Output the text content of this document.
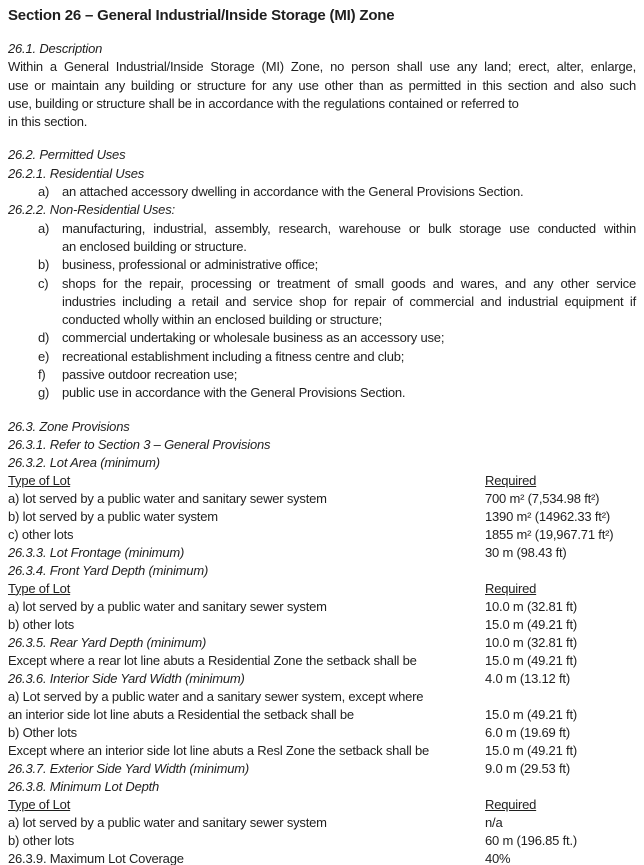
Section 26 – General Industrial/Inside Storage (MI) Zone
26.1. Description
Within a General Industrial/Inside Storage (MI) Zone, no person shall use any land; erect, alter, enlarge,
use or maintain any building or structure for any use other than as permitted in this section and also such
use, building or structure shall be in accordance with the regulations contained or referred to
in this section.
26.2. Permitted Uses
26.2.1. Residential Uses
a) an attached accessory dwelling in accordance with the General Provisions Section.
26.2.2. Non-Residential Uses:
a) manufacturing, industrial, assembly, research, warehouse or bulk storage use conducted within
an enclosed building or structure.
b) business, professional or administrative office;
c)	shops for the repair, processing or treatment of small goods and wares, and any other service
industries including a retail and service shop for repair of commercial and industrial equipment if
conducted wholly within an enclosed building or structure;
d) commercial undertaking or wholesale business as an accessory use;
e) recreational establishment including a fitness centre and club;
f)	passive outdoor recreation use;
g) public use in accordance with the General Provisions Section.
26.3. Zone Provisions
26.3.1. Refer to Section 3 – General Provisions
26.3.2. Lot Area (minimum)
Type of Lot	Required
a) lot served by a public water and sanitary sewer system	700 m² (7,534.98 ft²)
b) lot served by a public water system	1390 m² (14962.33 ft²)
c) other lots	1855 m² (19,967.71 ft²)
26.3.3. Lot Frontage (minimum)	30 m (98.43 ft)
26.3.4. Front Yard Depth (minimum)
Type of Lot	Required
a) lot served by a public water and sanitary sewer system	10.0 m (32.81 ft)
b) other lots	15.0 m (49.21 ft)
26.3.5. Rear Yard Depth (minimum)	10.0 m (32.81 ft)
Except where a rear lot line abuts a Residential Zone the setback shall be	15.0 m (49.21 ft)
26.3.6. Interior Side Yard Width (minimum)	4.0 m (13.12 ft)
a) Lot served by a public water and a sanitary sewer system, except where
an interior side lot line abuts a Residential the setback shall be	15.0 m (49.21 ft)
b) Other lots	6.0 m (19.69 ft)
Except where an interior side lot line abuts a Resl Zone the setback shall be	15.0 m (49.21 ft)
26.3.7. Exterior Side Yard Width (minimum)	9.0 m (29.53 ft)
26.3.8. Minimum Lot Depth
Type of Lot	Required
a) lot served by a public water and sanitary sewer system	n/a
b) other lots	60 m (196.85 ft.)
26.3.9. Maximum Lot Coverage	40%
